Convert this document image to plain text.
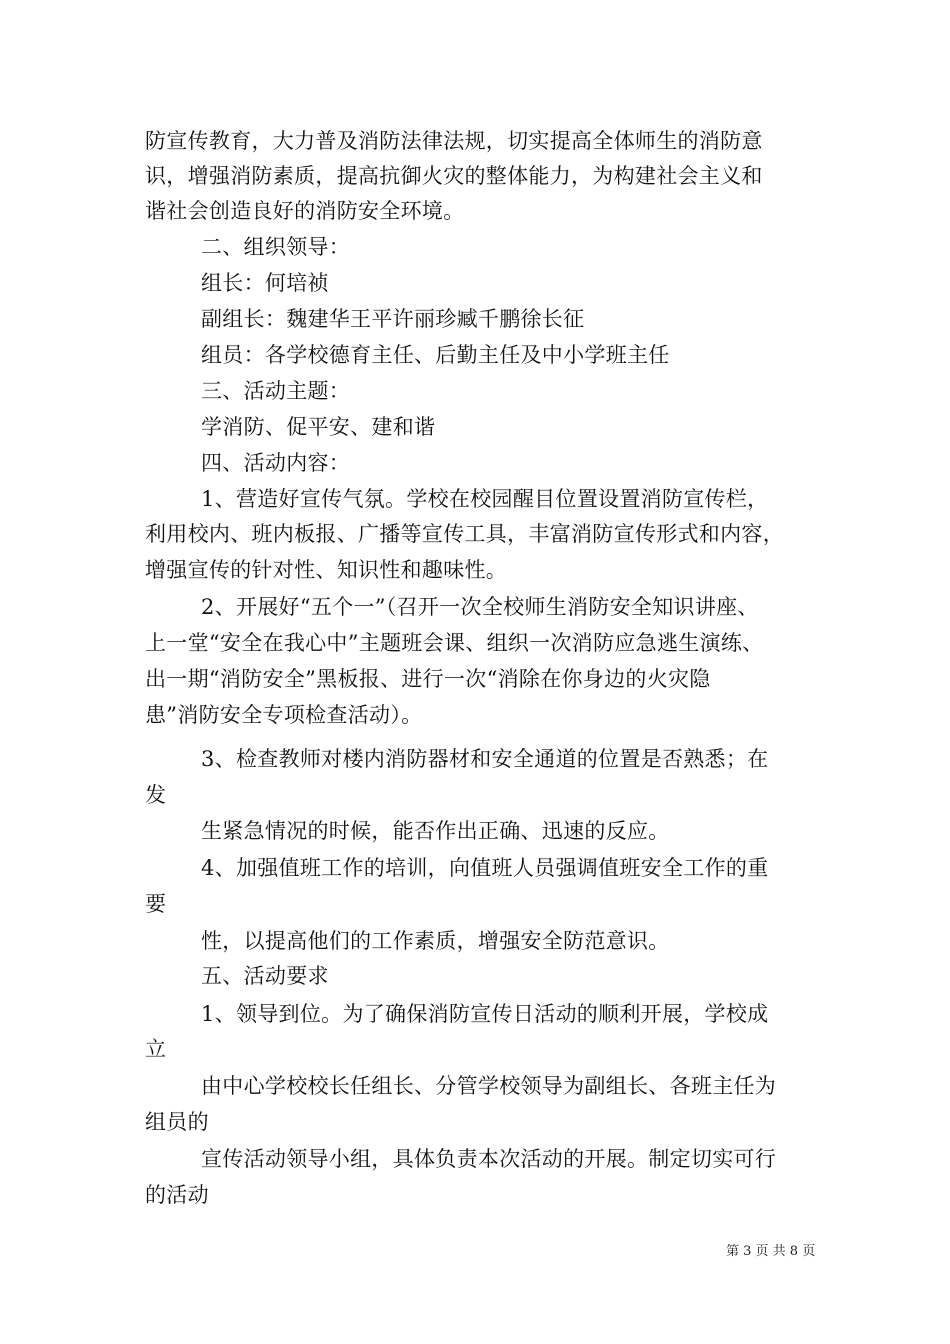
防宣传教育，大力普及消防法律法规，切实提高全体师生的消防意
识，增强消防素质，提高抗御火灾的整体能力，为构建社会主义和
谐社会创造良好的消防安全环境。
二、组织领导：
组长：何培祯
副组长：魏建华王平许丽珍臧千鹏徐长征
组员：各学校德育主任、后勤主任及中小学班主任
三、活动主题：
学消防、促平安、建和谐
四、活动内容：
1、营造好宣传气氛。学校在校园醒目位置设置消防宣传栏，
利用校内、班内板报、广播等宣传工具，丰富消防宣传形式和内容，
增强宣传的针对性、知识性和趣味性。
2、开展好“五个一”（召开一次全校师生消防安全知识讲座、
上一堂“安全在我心中”主题班会课、组织一次消防应急逃生演练、
出一期“消防安全”黑板报、进行一次“消除在你身边的火灾隐
患”消防安全专项检查活动）。
3、检查教师对楼内消防器材和安全通道的位置是否熟悉；在
发
生紧急情况的时候，能否作出正确、迅速的反应。
4、加强值班工作的培训，向值班人员强调值班安全工作的重
要
性，以提高他们的工作素质，增强安全防范意识。
五、活动要求
1、领导到位。为了确保消防宣传日活动的顺利开展，学校成
立
由中心学校校长任组长、分管学校领导为副组长、各班主任为
组员的
宣传活动领导小组，具体负责本次活动的开展。制定切实可行
的活动
第 3 页 共 8 页
